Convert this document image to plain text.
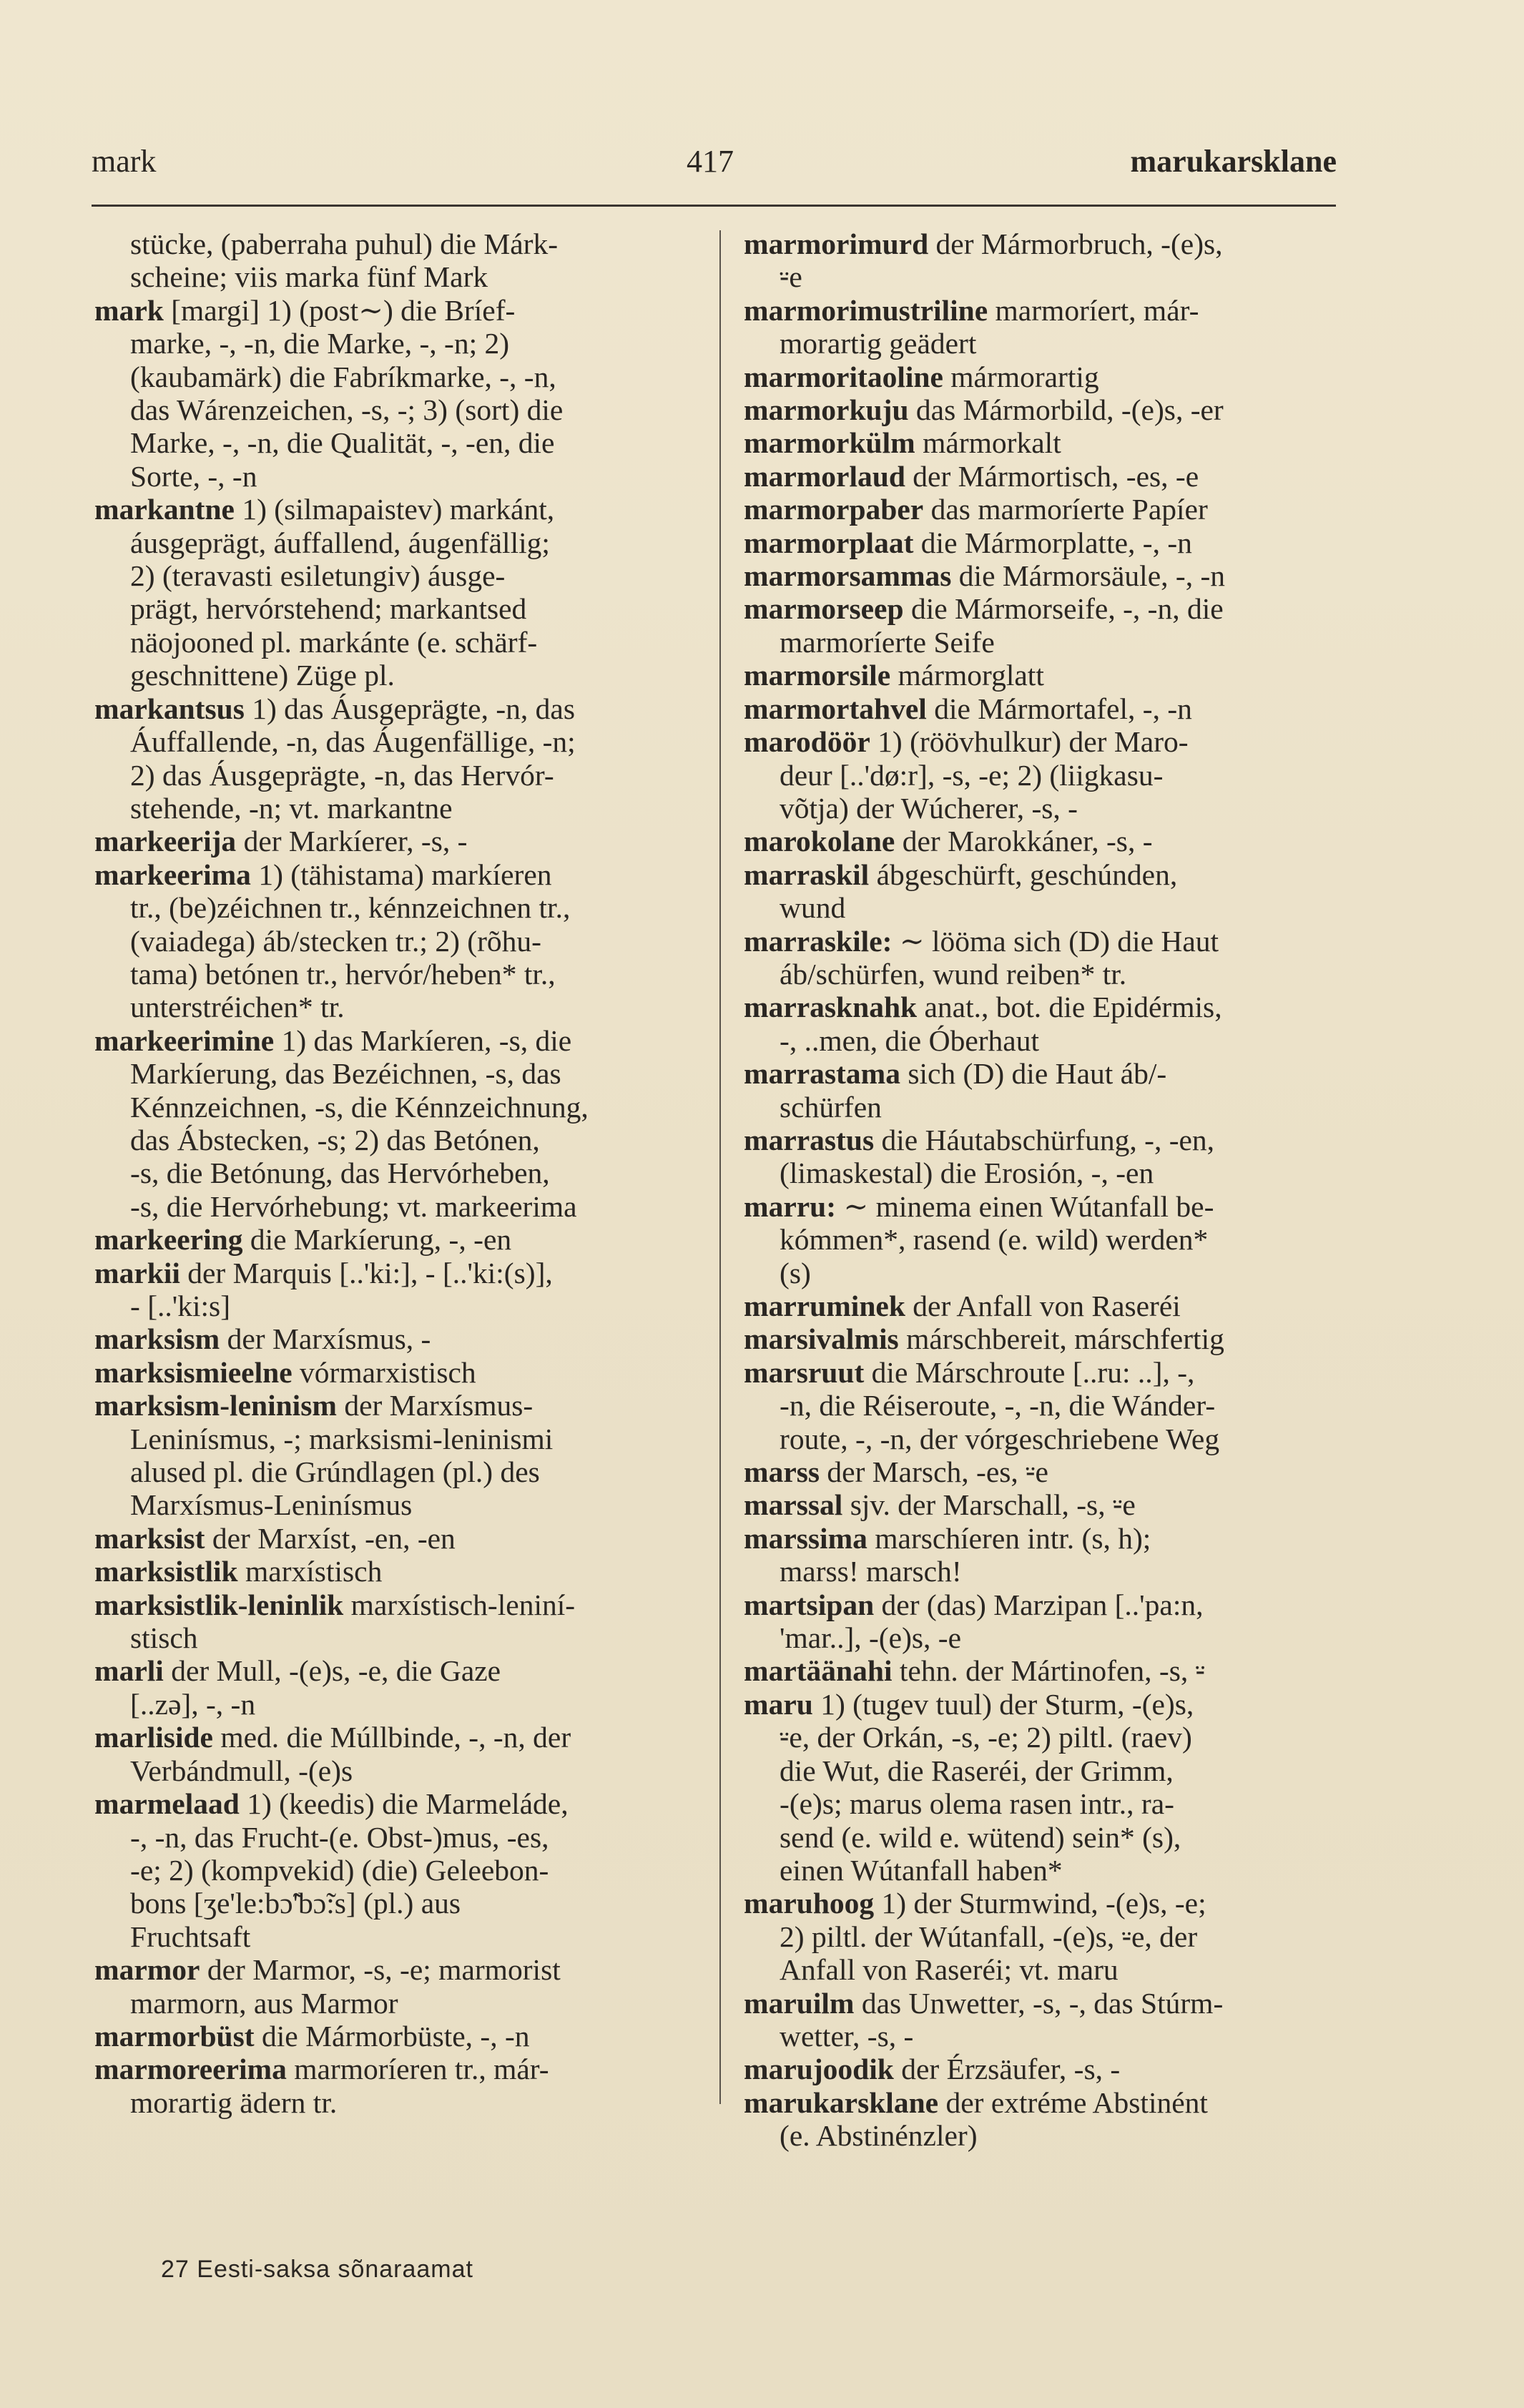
mark	417	marukarsklane
stücke, (paberraha puhul) die Márk-
scheine; viis marka fünf Mark
mark [margi] 1) (post∼) die Bríef-
marke, -, -n, die Marke, -, -n; 2)
(kaubamärk) die Fabríkmarke, -, -n,
das Wárenzeichen, -s, -; 3) (sort) die
Marke, -, -n, die Qualität, -, -en, die
Sorte, -, -n
markantne 1) (silmapaistev) markánt,
áusgeprägt, áuffallend, áugenfällig;
2) (teravasti esiletungiv) áusge-
prägt, hervórstehend; markantsed
näojooned pl. markánte (e. schärf-
geschnittene) Züge pl.
markantsus 1) das Áusgeprägte, -n, das
Áuffallende, -n, das Áugenfällige, -n;
2) das Áusgeprägte, -n, das Hervór-
stehende, -n; vt. markantne
markeerija der Markíerer, -s, -
markeerima 1) (tähistama) markíeren
tr., (be)zéichnen tr., kénnzeichnen tr.,
(vaiadega) áb/stecken tr.; 2) (rõhu-
tama) betónen tr., hervór/heben* tr.,
unterstréichen* tr.
markeerimine 1) das Markíeren, -s, die
Markíerung, das Bezéichnen, -s, das
Kénnzeichnen, -s, die Kénnzeichnung,
das Ábstecken, -s; 2) das Betónen,
-s, die Betónung, das Hervórheben,
-s, die Hervórhebung; vt. markeerima
markeering die Markíerung, -, -en
markii der Marquis [..'ki:], - [..'ki:(s)],
- [..'ki:s]
marksism der Marxísmus, -
marksismieelne vórmarxistisch
marksism-leninism der Marxísmus-
Leninísmus, -; marksismi-leninismi
alused pl. die Grúndlagen (pl.) des
Marxísmus-Leninísmus
marksist der Marxíst, -en, -en
marksistlik marxístisch
marksistlik-leninlik marxístisch-leniní-
stisch
marli der Mull, -(e)s, -e, die Gaze
[..zə], -, -n
marliside med. die Múllbinde, -, -n, der
Verbándmull, -(e)s
marmelaad 1) (keedis) die Marmeláde,
-, -n, das Frucht-(e. Obst-)mus, -es,
-e; 2) (kompvekid) (die) Geleebon-
bons [ʒe'le:bɔ̃'bɔ̃:s] (pl.) aus
Fruchtsaft
marmor der Marmor, -s, -e; marmorist
marmorn, aus Marmor
marmorbüst die Mármorbüste, -, -n
marmoreerima marmoríeren tr., már-
morartig ädern tr.
marmorimurd der Mármorbruch, -(e)s,
⸚e
marmorimustriline marmoríert, már-
morartig geädert
marmoritaoline mármorartig
marmorkuju das Mármorbild, -(e)s, -er
marmorkülm mármorkalt
marmorlaud der Mármortisch, -es, -e
marmorpaber das marmoríerte Papíer
marmorplaat die Mármorplatte, -, -n
marmorsammas die Mármorsäule, -, -n
marmorseep die Mármorseife, -, -n, die
marmoríerte Seife
marmorsile mármorglatt
marmortahvel die Mármortafel, -, -n
marodöör 1) (röövhulkur) der Maro-
deur [..'dø:r], -s, -e; 2) (liigkasu-
võtja) der Wúcherer, -s, -
marokolane der Marokkáner, -s, -
marraskil ábgeschürft, geschúnden,
wund
marraskile: ∼ lööma sich (D) die Haut
áb/schürfen, wund reiben* tr.
marrasknahk anat., bot. die Epidérmis,
-, ..men, die Óberhaut
marrastama sich (D) die Haut áb/-
schürfen
marrastus die Háutabschürfung, -, -en,
(limaskestal) die Erosión, -, -en
marru: ∼ minema einen Wútanfall be-
kómmen*, rasend (e. wild) werden*
(s)
marruminek der Anfall von Raseréi
marsivalmis márschbereit, márschfertig
marsruut die Márschroute [..ru: ..], -,
-n, die Réiseroute, -, -n, die Wánder-
route, -, -n, der vórgeschriebene Weg
marss der Marsch, -es, ⸚e
marssal sjv. der Marschall, -s, ⸚e
marssima marschíeren intr. (s, h);
marss! marsch!
martsipan der (das) Marzipan [..'pa:n,
'mar..], -(e)s, -e
martäänahi tehn. der Mártinofen, -s, ⸚
maru 1) (tugev tuul) der Sturm, -(e)s,
⸚e, der Orkán, -s, -e; 2) piltl. (raev)
die Wut, die Raseréi, der Grimm,
-(e)s; marus olema rasen intr., ra-
send (e. wild e. wütend) sein* (s),
einen Wútanfall haben*
maruhoog 1) der Sturmwind, -(e)s, -e;
2) piltl. der Wútanfall, -(e)s, ⸚e, der
Anfall von Raseréi; vt. maru
maruilm das Unwetter, -s, -, das Stúrm-
wetter, -s, -
marujoodik der Érzsäufer, -s, -
marukarsklane der extréme Abstinént
(e. Abstinénzler)
27 Eesti-saksa sõnaraamat
